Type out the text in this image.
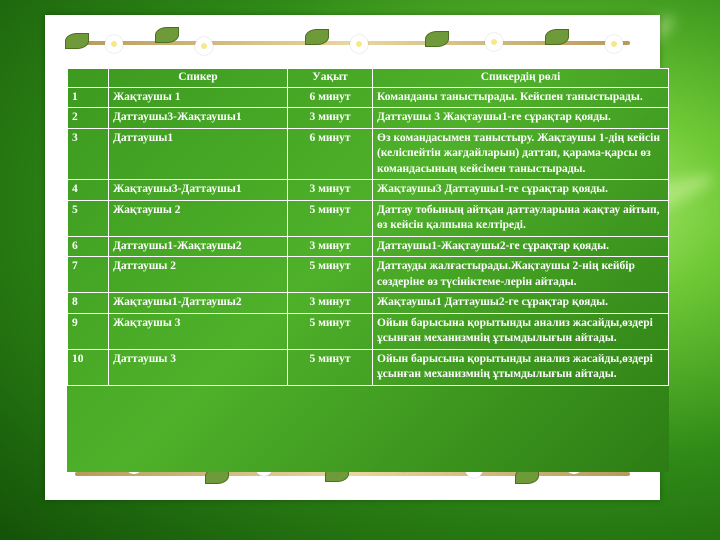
	Спикер	Уақыт	Спикердің рөлі
1	Жақтаушы 1	6 минут	Команданы таныстырады. Кейспен таныстырады.
2	Даттаушы3-Жақтаушы1	3 минут	Даттаушы 3 Жақтаушы1-ге сұрақтар қояды.
3	Даттаушы1	6 минут	Өз командасымен таныстыру. Жақтаушы 1-дің кейсін (келіспейтін жағдайларын) даттап, қарама-қарсы өз командасының кейсімен таныстырады.
4	Жақтаушы3-Даттаушы1	3 минут	Жақтаушы3 Даттаушы1-ге сұрақтар қояды.
5	Жақтаушы 2	5 минут	Даттау тобының айтқан даттауларына жақтау айтып, өз кейсін қалпына келтіреді.
6	Даттаушы1-Жақтаушы2	3 минут	Даттаушы1-Жақтаушы2-ге сұрақтар қояды.
7	Даттаушы 2	5 минут	Даттауды жалғастырады.Жақтаушы 2-нің кейбір сөздеріне өз түсініктеме-лерін айтады.
8	Жақтаушы1-Даттаушы2	3 минут	Жақтаушы1 Даттаушы2-ге сұрақтар қояды.
9	Жақтаушы 3	5 минут	Ойын барысына қорытынды анализ жасайды,өздері ұсынған механизмнің ұтымдылығын айтады.
10	Даттаушы 3	5 минут	Ойын барысына қорытынды анализ жасайды,өздері ұсынған механизмнің ұтымдылығын айтады.
